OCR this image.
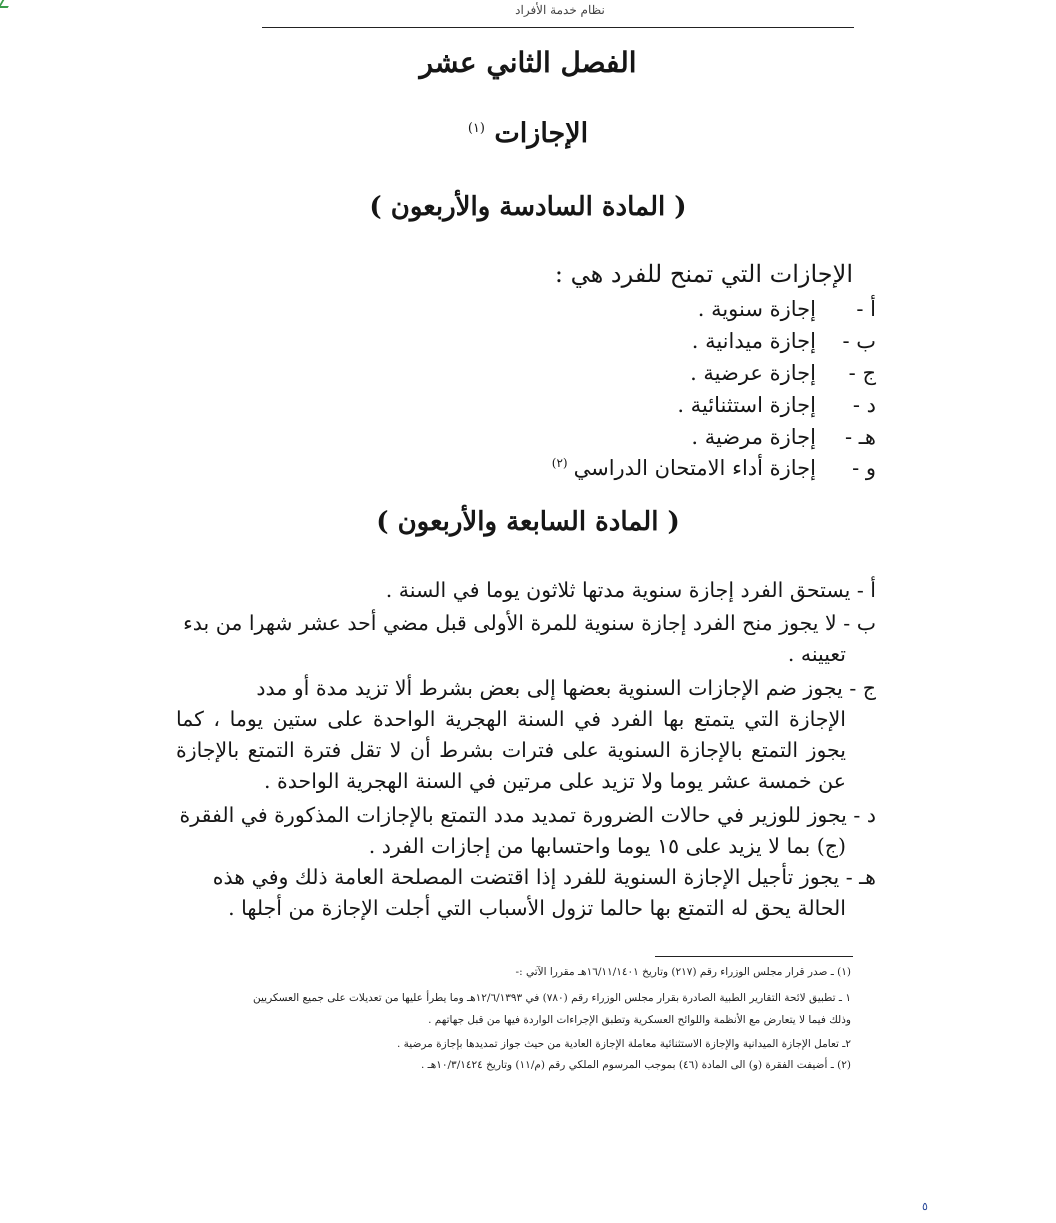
نظام خدمة الأفراد
الفصل الثاني عشر
الإجازات $^{(١)}$
( المادة السادسة والأربعون )
الإجازات التي تمنح للفرد هي :
أ -إجازة سنوية .
ب -إجازة ميدانية .
ج -إجازة عرضية .
د -إجازة استثنائية .
هـ -إجازة مرضية .
و -إجازة أداء الامتحان الدراسي$^{(٢)}$
( المادة السابعة والأربعون )
أ - يستحق الفرد إجازة سنوية مدتها ثلاثون يوما في السنة .
ب - لا يجوز منح الفرد إجازة سنوية للمرة الأولى قبل مضي أحد عشر شهرا من بدء
تعيينه .
ج - يجوز ضم الإجازات السنوية بعضها إلى بعض بشرط ألا تزيد مدة أو مدد
الإجازة التي يتمتع بها الفرد في السنة الهجرية الواحدة على ستين يوما ، كما يجوز التمتع بالإجازة السنوية على فترات بشرط أن لا تقل فترة التمتع بالإجازة عن خمسة عشر يوما ولا تزيد على مرتين في السنة الهجرية الواحدة .
د - يجوز للوزير في حالات الضرورة تمديد مدد التمتع بالإجازات المذكورة في الفقرة
(ج) بما لا يزيد على ١٥ يوما واحتسابها من إجازات الفرد .
هـ - يجوز تأجيل الإجازة السنوية للفرد إذا اقتضت المصلحة العامة ذلك وفي هذه
الحالة يحق له التمتع بها حالما تزول الأسباب التي أجلت الإجازة من أجلها .
(١) ـ صدر قرار مجلس الوزراء رقم (٢١٧) وتاريخ ١٦/١١/١٤٠١هـ مقررا الآتي :-
١ ـ تطبيق لائحة التقارير الطبية الصادرة بقرار مجلس الوزراء رقم (٧٨٠) في ١٢/٦/١٣٩٣هـ وما يطرأ عليها من تعديلات على جميع العسكريين
وذلك فيما لا يتعارض مع الأنظمة واللوائح العسكرية وتطبق الإجراءات الواردة فيها من قبل جهاتهم .
٢ـ تعامل الإجازة الميدانية والإجازة الاستثنائية معاملة الإجازة العادية من حيث جواز تمديدها بإجازة مرضية .
(٢) ـ أضيفت الفقرة (و) الى المادة (٤٦) بموجب المرسوم الملكي رقم (م/١١) وتاريخ ١٠/٣/١٤٢٤هـ .
٥
